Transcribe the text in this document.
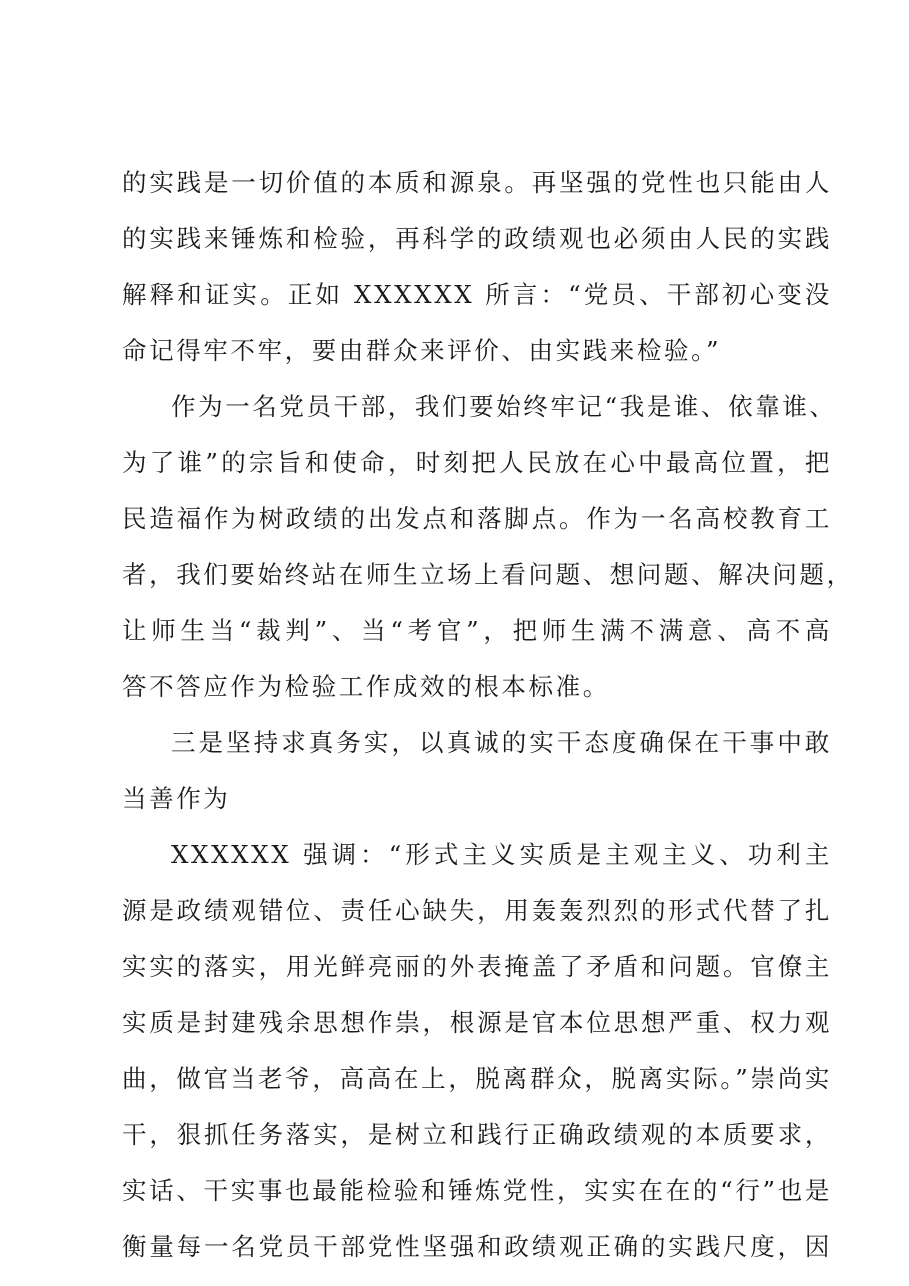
的实践是一切价值的本质和源泉。再坚强的党性也只能由人
的实践来锤炼和检验，再科学的政绩观也必须由人民的实践
解释和证实。正如 XXXXXX 所言：“党员、干部初心变没
命记得牢不牢，要由群众来评价、由实践来检验。”
作为一名党员干部，我们要始终牢记“我是谁、依靠谁、
为了谁”的宗旨和使命，时刻把人民放在心中最高位置，把
民造福作为树政绩的出发点和落脚点。作为一名高校教育工
者，我们要始终站在师生立场上看问题、想问题、解决问题，
让师生当“裁判”、当“考官”，把师生满不满意、高不高
答不答应作为检验工作成效的根本标准。
三是坚持求真务实，以真诚的实干态度确保在干事中敢
当善作为
XXXXXX 强调：“形式主义实质是主观主义、功利主
源是政绩观错位、责任心缺失，用轰轰烈烈的形式代替了扎
实实的落实，用光鲜亮丽的外表掩盖了矛盾和问题。官僚主
实质是封建残余思想作祟，根源是官本位思想严重、权力观
曲，做官当老爷，高高在上，脱离群众，脱离实际。”崇尚实
干，狠抓任务落实，是树立和践行正确政绩观的本质要求，
实话、干实事也最能检验和锤炼党性，实实在在的“行”也是
衡量每一名党员干部党性坚强和政绩观正确的实践尺度，因
